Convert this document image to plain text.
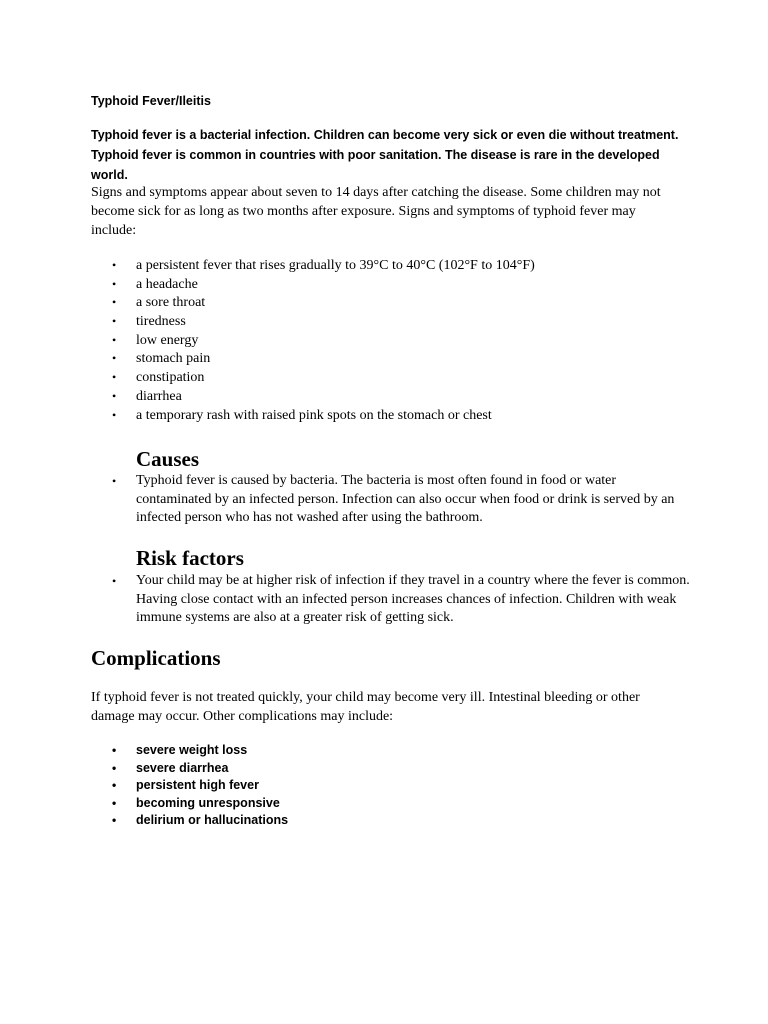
Typhoid Fever/Ileitis

Typhoid fever is a bacterial infection. Children can become very sick or even die without treatment. Typhoid fever is common in countries with poor sanitation. The disease is rare in the developed world.

Signs and symptoms appear about seven to 14 days after catching the disease. Some children may not become sick for as long as two months after exposure. Signs and symptoms of typhoid fever may include:

• a persistent fever that rises gradually to 39°C to 40°C (102°F to 104°F)
• a headache
• a sore throat
• tiredness
• low energy
• stomach pain
• constipation
• diarrhea
• a temporary rash with raised pink spots on the stomach or chest
Causes
• Typhoid fever is caused by bacteria. The bacteria is most often found in food or water contaminated by an infected person. Infection can also occur when food or drink is served by an infected person who has not washed after using the bathroom.
Risk factors
• Your child may be at higher risk of infection if they travel in a country where the fever is common. Having close contact with an infected person increases chances of infection. Children with weak immune systems are also at a greater risk of getting sick.
Complications

If typhoid fever is not treated quickly, your child may become very ill. Intestinal bleeding or other damage may occur. Other complications may include:

• severe weight loss
• severe diarrhea
• persistent high fever
• becoming unresponsive
• delirium or hallucinations
